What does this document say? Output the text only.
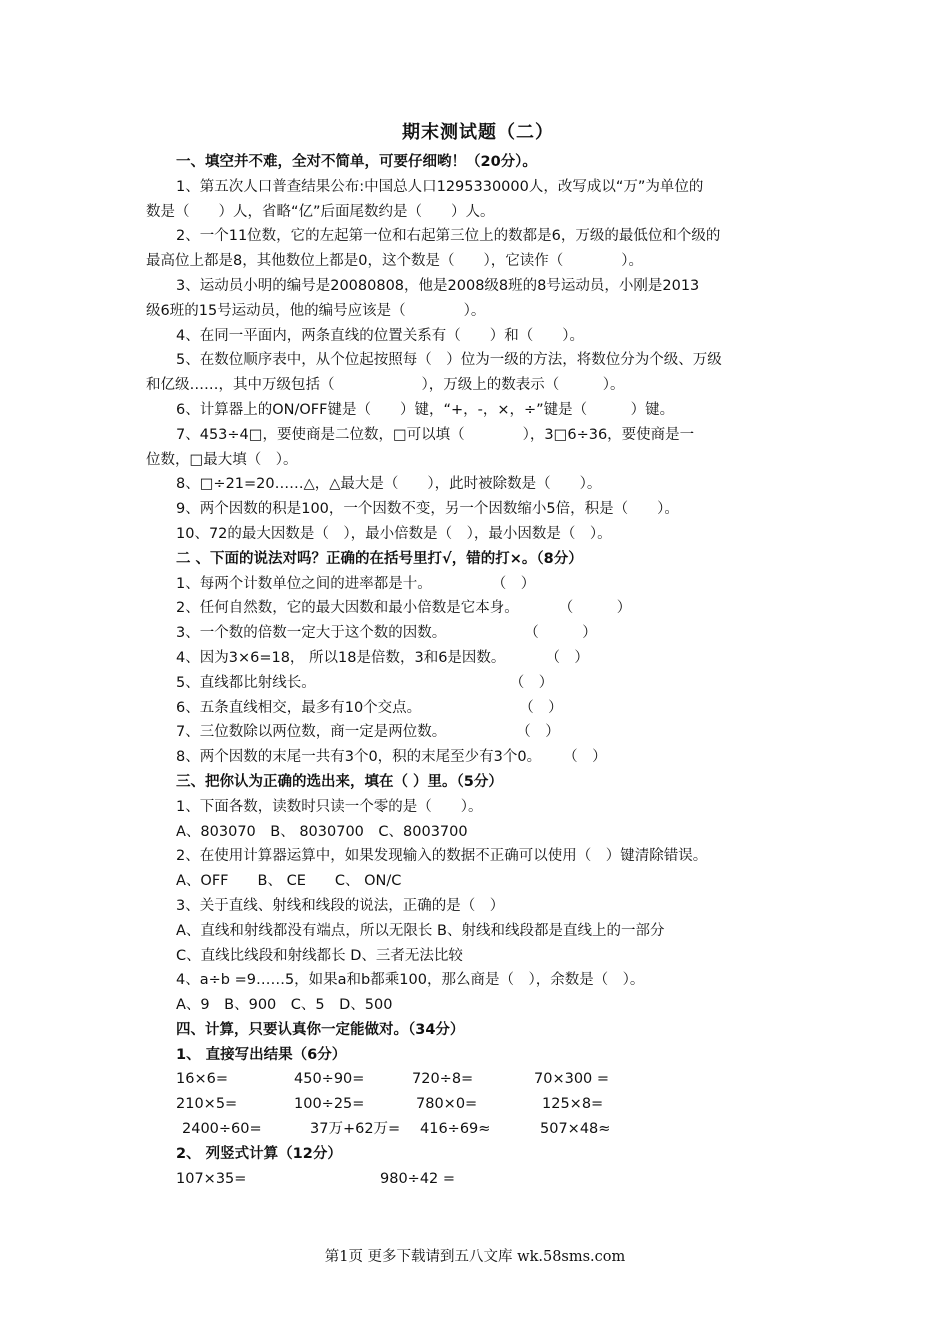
期末测试题（二）
一、填空并不难，全对不简单，可要仔细哟！（20分）。
1、第五次人口普查结果公布:中国总人口1295330000人，改写成以“万”为单位的
数是（　　）人，省略“亿”后面尾数约是（　　）人。
2、一个11位数，它的左起第一位和右起第三位上的数都是6，万级的最低位和个级的
最高位上都是8，其他数位上都是0，这个数是（　　），它读作（　　　　）。
3、运动员小明的编号是20080808，他是2008级8班的8号运动员，小刚是2013
级6班的15号运动员，他的编号应该是（　　　　）。
4、在同一平面内，两条直线的位置关系有（　　）和（　　）。
5、在数位顺序表中，从个位起按照每（　）位为一级的方法，将数位分为个级、万级
和亿级……，其中万级包括（　　　　　　），万级上的数表示（　　　）。
6、计算器上的ON/OFF键是（　　）键，“+，-，×，÷”键是（　　　）键。
7、453÷4□，要使商是二位数，□可以填（　　　　），3□6÷36，要使商是一
位数，□最大填（　）。
8、□÷21=20……△，△最大是（　　），此时被除数是（　　）。
9、两个因数的积是100，一个因数不变，另一个因数缩小5倍，积是（　　）。
10、72的最大因数是（　），最小倍数是（　），最小因数是（　）。
二 、下面的说法对吗？正确的在括号里打√，错的打×。（8分）
1、每两个计数单位之间的进率都是十。	（　）
2、任何自然数，它的最大因数和最小倍数是它本身。	（　　　）
3、一个数的倍数一定大于这个数的因数。	（　　　）
4、因为3×6=18， 所以18是倍数，3和6是因数。	（　）
5、直线都比射线长。	（　）
6、五条直线相交，最多有10个交点。	（　）
7、三位数除以两位数，商一定是两位数。	（　）
8、两个因数的末尾一共有3个0，积的末尾至少有3个0。 （　）
三、把你认为正确的选出来，填在（ ）里。（5分）
1、下面各数，读数时只读一个零的是（　　）。
A、803070　B、 8030700　C、8003700
2、在使用计算器运算中，如果发现输入的数据不正确可以使用（　）键清除错误。
A、OFF　　B、 CE　　C、 ON/C
3、关于直线、射线和线段的说法，正确的是（　）
A、直线和射线都没有端点，所以无限长 B、射线和线段都是直线上的一部分
C、直线比线段和射线都长 D、三者无法比较
4、a÷b =9……5，如果a和b都乘100，那么商是（　），余数是（　）。
A、9　B、900　C、5　D、500
四、计算，只要认真你一定能做对。（34分）
1、 直接写出结果（6分）
16×6=	450÷90=	720÷8=	70×300 =
210×5=	100÷25=	780×0=	125×8=
2400÷60=	37万+62万=	416÷69≈	507×48≈
2、 列竖式计算（12分）
107×35=	980÷42 =
第1页 更多下载请到五八文库 wk.58sms.com
